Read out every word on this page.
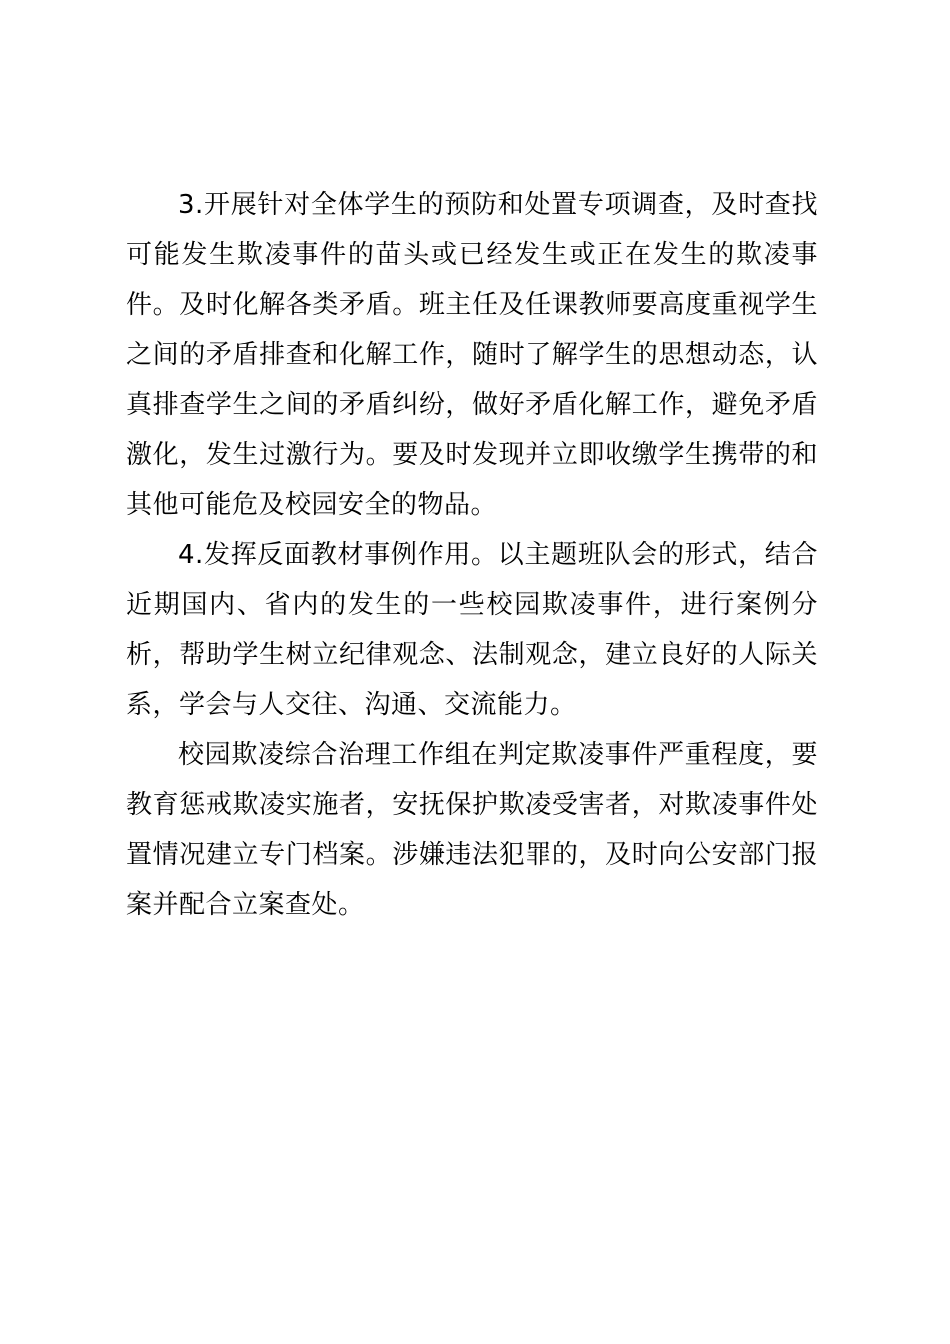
3.开展针对全体学生的预防和处置专项调查，及时查找可能发生欺凌事件的苗头或已经发生或正在发生的欺凌事件。及时化解各类矛盾。班主任及任课教师要高度重视学生之间的矛盾排查和化解工作，随时了解学生的思想动态，认真排查学生之间的矛盾纠纷，做好矛盾化解工作，避免矛盾激化，发生过激行为。要及时发现并立即收缴学生携带的和其他可能危及校园安全的物品。

4.发挥反面教材事例作用。以主题班队会的形式，结合近期国内、省内的发生的一些校园欺凌事件，进行案例分析，帮助学生树立纪律观念、法制观念，建立良好的人际关系，学会与人交往、沟通、交流能力。

校园欺凌综合治理工作组在判定欺凌事件严重程度，要教育惩戒欺凌实施者，安抚保护欺凌受害者，对欺凌事件处置情况建立专门档案。涉嫌违法犯罪的，及时向公安部门报案并配合立案查处。
